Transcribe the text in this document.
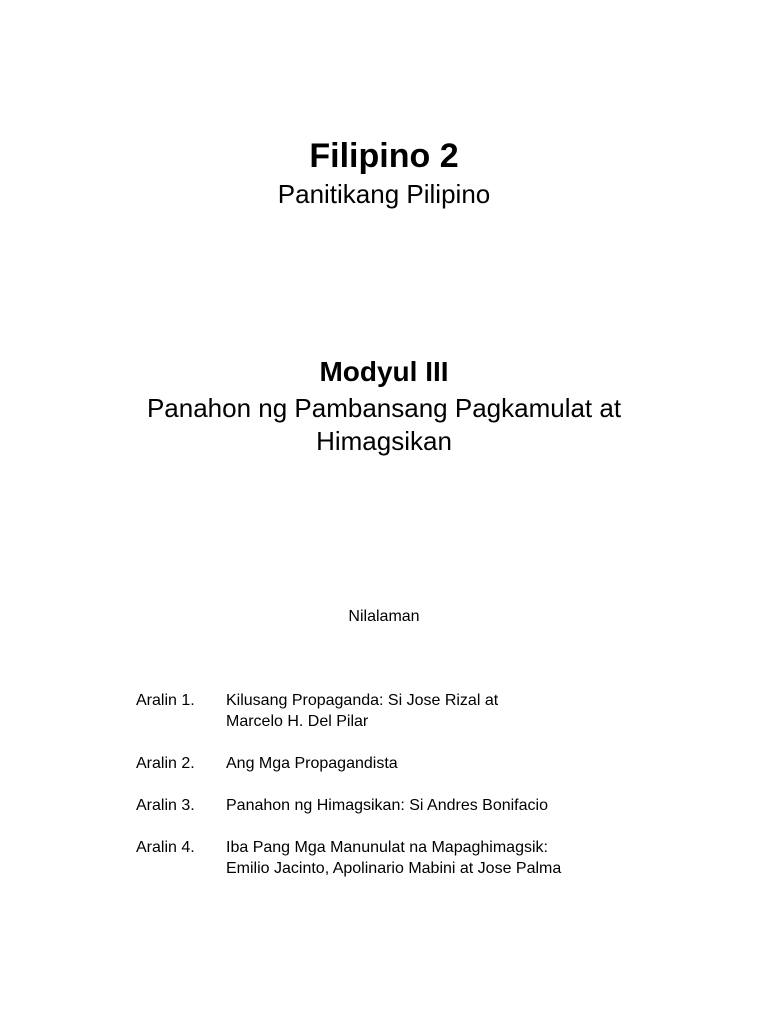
Filipino 2
Panitikang Pilipino
Modyul III
Panahon ng Pambansang Pagkamulat at
Himagsikan
Nilalaman
Aralin 1.	Kilusang Propaganda: Si Jose Rizal at
Marcelo H. Del Pilar
Aralin 2.	Ang Mga Propagandista
Aralin 3.	Panahon ng Himagsikan: Si Andres Bonifacio
Aralin 4.	Iba Pang Mga Manunulat na Mapaghimagsik:
Emilio Jacinto, Apolinario Mabini at Jose Palma
